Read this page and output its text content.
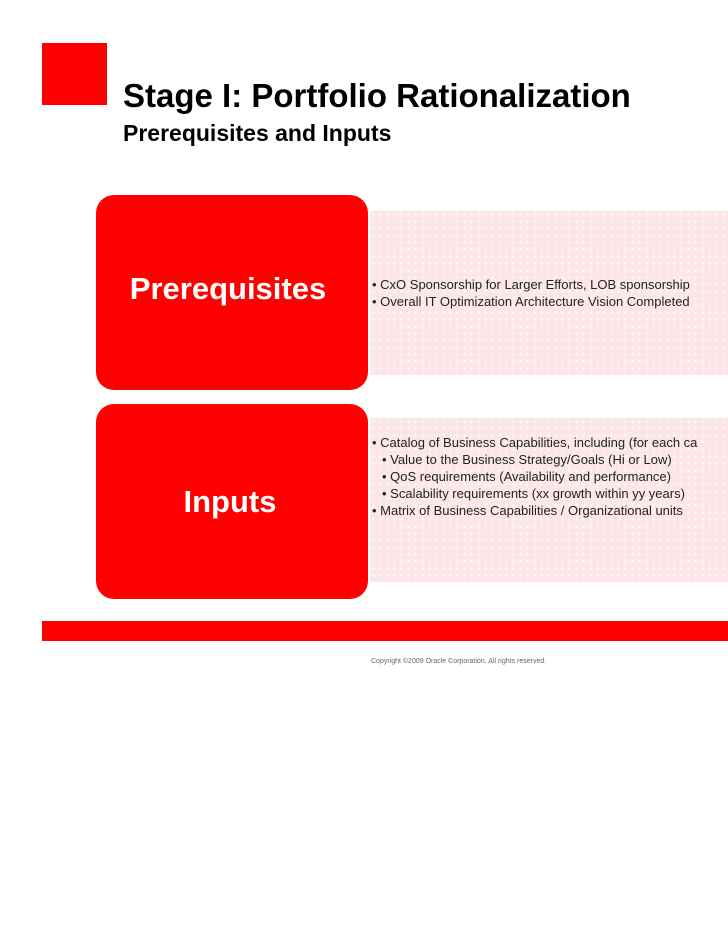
Stage I: Portfolio Rationalization
Prerequisites and Inputs
Prerequisites	• CxO Sponsorship for Larger Efforts, LOB sponsorship
• Overall IT Optimization Architecture Vision Completed
Inputs
• Catalog of Business Capabilities, including (for each ca
• Value to the Business Strategy/Goals (Hi or Low)
• QoS requirements (Availability and performance)
• Scalability requirements (xx growth within yy years)
• Matrix of Business Capabilities / Organizational units
Copyright ©2009 Oracle Corporation. All rights reserved.
